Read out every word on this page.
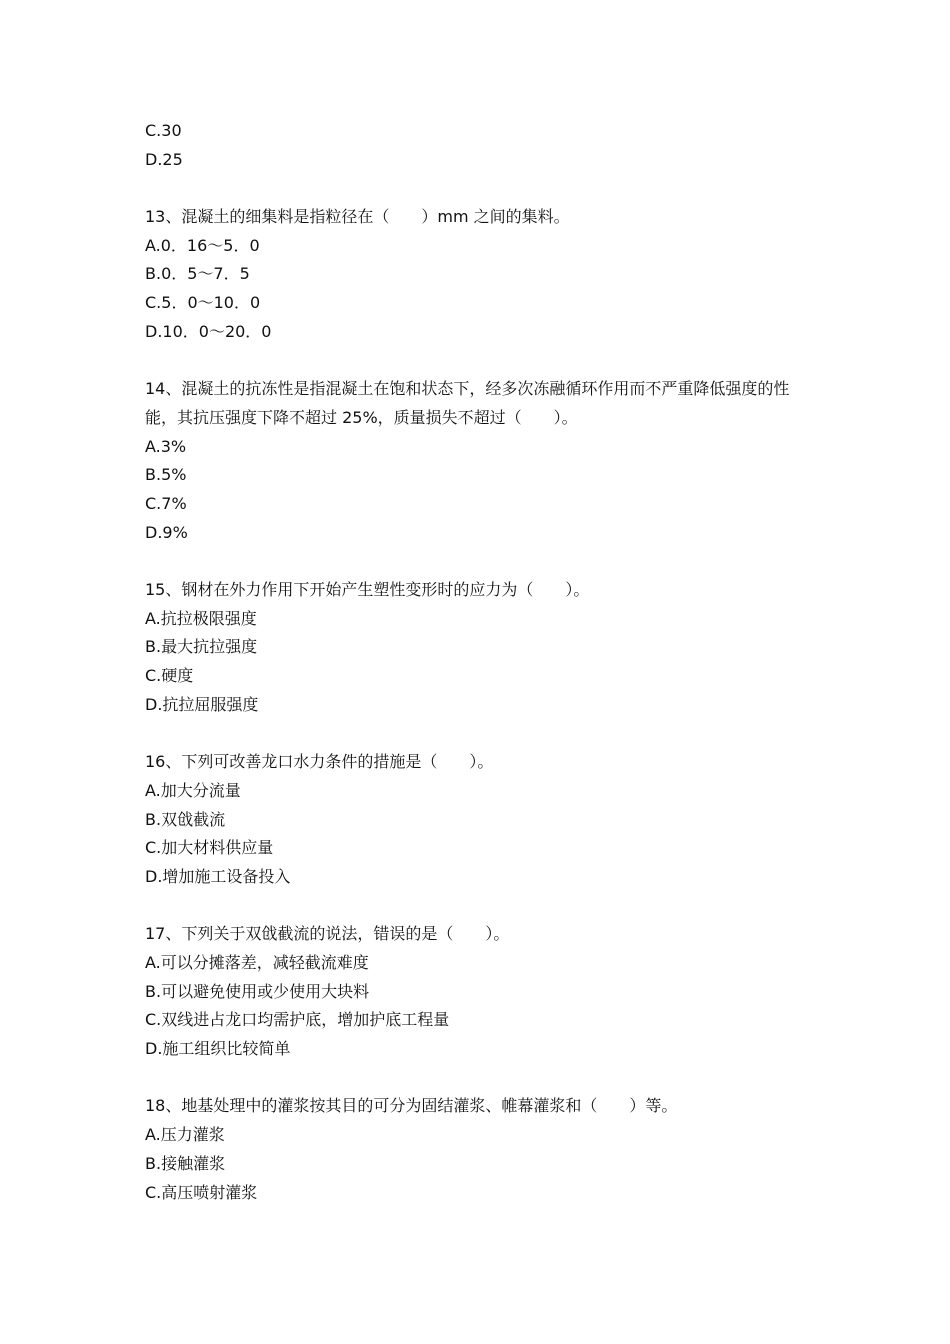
C.30
D.25
13、混凝土的细集料是指粒径在（　　）mm 之间的集料。
A.0．16～5．0
B.0．5～7．5
C.5．0～10．0
D.10．0～20．0
14、混凝土的抗冻性是指混凝土在饱和状态下，经多次冻融循环作用而不严重降低强度的性能，其抗压强度下降不超过 25%，质量损失不超过（　　）。
A.3%
B.5%
C.7%
D.9%
15、钢材在外力作用下开始产生塑性变形时的应力为（　　）。
A.抗拉极限强度
B.最大抗拉强度
C.硬度
D.抗拉屈服强度
16、下列可改善龙口水力条件的措施是（　　）。
A.加大分流量
B.双戗截流
C.加大材料供应量
D.增加施工设备投入
17、下列关于双戗截流的说法，错误的是（　　）。
A.可以分摊落差，减轻截流难度
B.可以避免使用或少使用大块料
C.双线进占龙口均需护底，增加护底工程量
D.施工组织比较简单
18、地基处理中的灌浆按其目的可分为固结灌浆、帷幕灌浆和（　　）等。
A.压力灌浆
B.接触灌浆
C.高压喷射灌浆
